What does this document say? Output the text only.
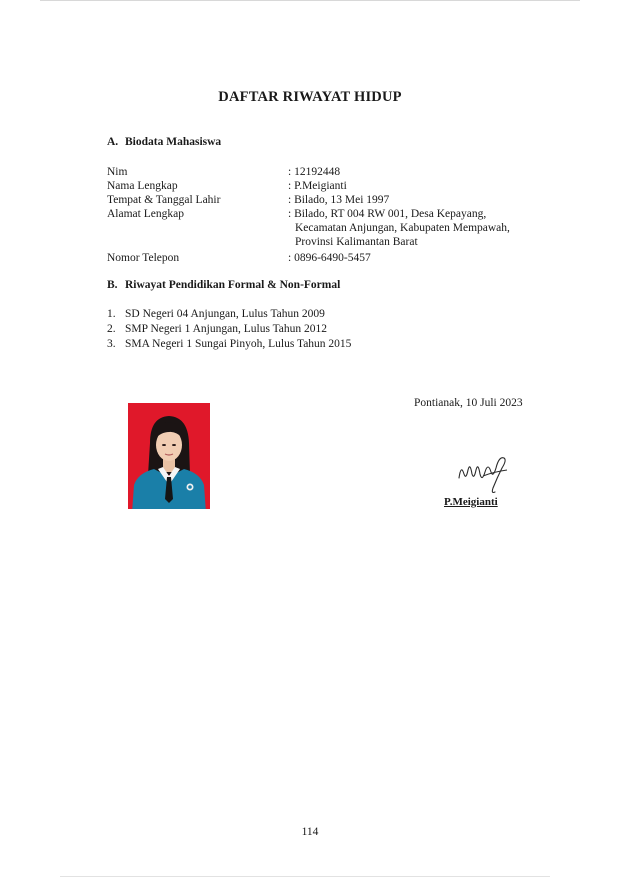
DAFTAR RIWAYAT HIDUP
A. Biodata Mahasiswa
Nim	: 12192448
Nama Lengkap	: P.Meigianti
Tempat & Tanggal Lahir	: Bilado, 13 Mei 1997
Alamat Lengkap	: Bilado, RT 004 RW 001, Desa Kepayang,
Kecamatan Anjungan, Kabupaten Mempawah,
Provinsi Kalimantan Barat
Nomor Telepon	: 0896-6490-5457
B. Riwayat Pendidikan Formal & Non-Formal
1. SD Negeri 04 Anjungan, Lulus Tahun 2009
2. SMP Negeri 1 Anjungan, Lulus Tahun 2012
3. SMA Negeri 1 Sungai Pinyoh, Lulus Tahun 2015
Pontianak, 10 Juli 2023
P.Meigianti
114
